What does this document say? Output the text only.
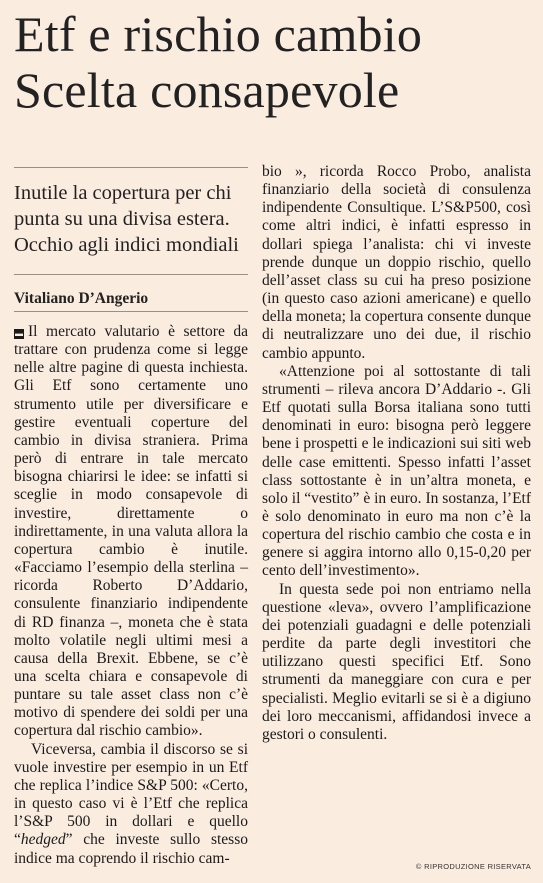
Etf e rischio cambio
Scelta consapevole

Inutile la copertura per chi punta su una divisa estera. Occhio agli indici mondiali

Vitaliano D’Angerio

▬ Il mercato valutario è settore da trattare con prudenza come si legge nelle altre pagine di questa inchiesta. Gli Etf sono certamente uno strumento utile per diversificare e gestire eventuali coperture del cambio in divisa straniera. Prima però di entrare in tale mercato bisogna chiarirsi le idee: se infatti si sceglie in modo consapevole di investire, direttamente o indirettamente, in una valuta allora la copertura cambio è inutile. «Facciamo l’esempio della sterlina – ricorda Roberto D’Addario, consulente finanziario indipendente di RD finanza –, moneta che è stata molto volatile negli ultimi mesi a causa della Brexit. Ebbene, se c’è una scelta chiara e consapevole di puntare su tale asset class non c’è motivo di spendere dei soldi per una copertura dal rischio cambio».

Viceversa, cambia il discorso se si vuole investire per esempio in un Etf che replica l’indice S&P 500: «Certo, in questo caso vi è l’Etf che replica l’S&P 500 in dollari e quello “hedged” che investe sullo stesso indice ma coprendo il rischio cam-

bio », ricorda Rocco Probo, analista finanziario della società di consulenza indipendente Consultique. L’S&P500, così come altri indici, è infatti espresso in dollari spiega l’analista: chi vi investe prende dunque un doppio rischio, quello dell’asset class su cui ha preso posizione (in questo caso azioni americane) e quello della moneta; la copertura consente dunque di neutralizzare uno dei due, il rischio cambio appunto.

«Attenzione poi al sottostante di tali strumenti – rileva ancora D’Addario -. Gli Etf quotati sulla Borsa italiana sono tutti denominati in euro: bisogna però leggere bene i prospetti e le indicazioni sui siti web delle case emittenti. Spesso infatti l’asset class sottostante è in un’altra moneta, e solo il “vestito” è in euro. In sostanza, l’Etf è solo denominato in euro ma non c’è la copertura del rischio cambio che costa e in genere si aggira intorno allo 0,15-0,20 per cento dell’investimento».

In questa sede poi non entriamo nella questione «leva», ovvero l’amplificazione dei potenziali guadagni e delle potenziali perdite da parte degli investitori che utilizzano questi specifici Etf. Sono strumenti da maneggiare con cura e per specialisti. Meglio evitarli se si è a digiuno dei loro meccanismi, affidandosi invece a gestori o consulenti.

© RIPRODUZIONE RISERVATA
